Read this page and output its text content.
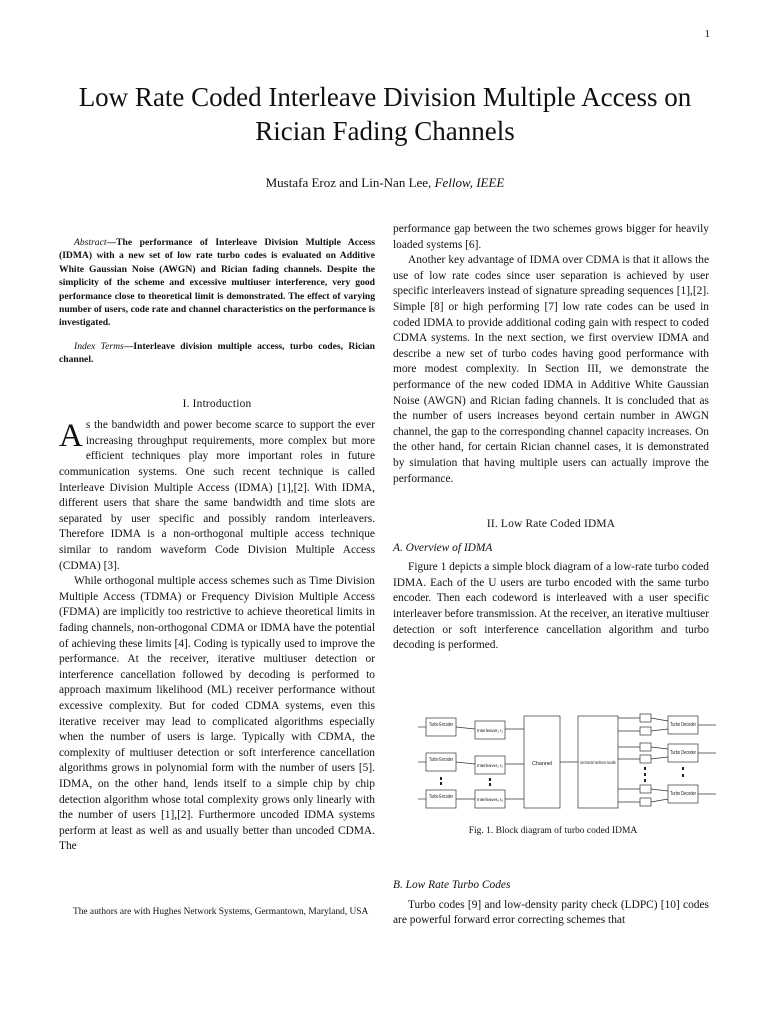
1
Low Rate Coded Interleave Division Multiple Access on Rician Fading Channels
Mustafa Eroz and Lin-Nan Lee, Fellow, IEEE

Abstract—The performance of Interleave Division Multiple Access (IDMA) with a new set of low rate turbo codes is evaluated on Additive White Gaussian Noise (AWGN) and Rician fading channels. Despite the simplicity of the scheme and excessive multiuser interference, very good performance close to theoretical limit is demonstrated. The effect of varying number of users, code rate and channel characteristics on the performance is investigated.

Index Terms—Interleave division multiple access, turbo codes, Rician channel.

I. Introduction

As the bandwidth and power become scarce to support the ever increasing throughput requirements, more complex but more efficient techniques play more important roles in future communication systems. One such recent technique is called Interleave Division Multiple Access (IDMA) [1],[2]. With IDMA, different users that share the same bandwidth and time slots are separated by user specific and possibly random interleavers. Therefore IDMA is a non-orthogonal multiple access technique similar to random waveform Code Division Multiple Access (CDMA) [3].

While orthogonal multiple access schemes such as Time Division Multiple Access (TDMA) or Frequency Division Multiple Access (FDMA) are implicitly too restrictive to achieve theoretical limits in fading channels, non-orthogonal CDMA or IDMA have the potential of achieving these limits [4]. Coding is typically used to improve the performance. At the receiver, iterative multiuser detection or interference cancellation followed by decoding is performed to approach maximum likelihood (ML) receiver performance without excessive complexity. But for coded CDMA systems, even this iterative receiver may lead to complicated algorithms especially when the number of users is large. Typically with CDMA, the complexity of multiuser detection or soft interference cancellation algorithms grows in polynomial form with the number of users [5]. IDMA, on the other hand, lends itself to a simple chip by chip detection algorithm whose total complexity grows only linearly with the number of users [1],[2]. Furthermore uncoded IDMA systems perform at least as well as and usually better than uncoded CDMA. The

The authors are with Hughes Network Systems, Germantown, Maryland, USA

performance gap between the two schemes grows bigger for heavily loaded systems [6].

Another key advantage of IDMA over CDMA is that it allows the use of low rate codes since user separation is achieved by user specific interleavers instead of signature spreading sequences [1],[2]. Simple [8] or high performing [7] low rate codes can be used in coded IDMA to provide additional coding gain with respect to coded CDMA systems. In the next section, we first overview IDMA and describe a new set of turbo codes having good performance with more modest complexity. In Section III, we demonstrate the performance of the new coded IDMA in Additive White Gaussian Noise (AWGN) and Rician fading channels. It is concluded that as the number of users increases beyond certain number in AWGN channel, the gap to the corresponding channel capacity increases. On the other hand, for certain Rician channel cases, it is demonstrated by simulation that having multiple users can actually improve the performance.

II. Low Rate Coded IDMA
A. Overview of IDMA

Figure 1 depicts a simple block diagram of a low-rate turbo coded IDMA. Each of the U users are turbo encoded with the same turbo encoder. Then each codeword is interleaved with a user specific interleaver before transmission. At the receiver, an iterative multiuser detection or soft interference cancellation algorithm and turbo decoding is performed.

Turbo Encoder
Turbo Encoder
Turbo Encoder
Interleaver₁ I₁
Interleaver₂ I₂
Interleaverᵤ Iᵤ
Channel	Joint Detector/ Interference Canceller
Turbo Decoder
Turbo Decoder
Turbo Decoder
Fig. 1. Block diagram of turbo coded IDMA
B. Low Rate Turbo Codes

Turbo codes [9] and low-density parity check (LDPC) [10] codes are powerful forward error correcting schemes that
